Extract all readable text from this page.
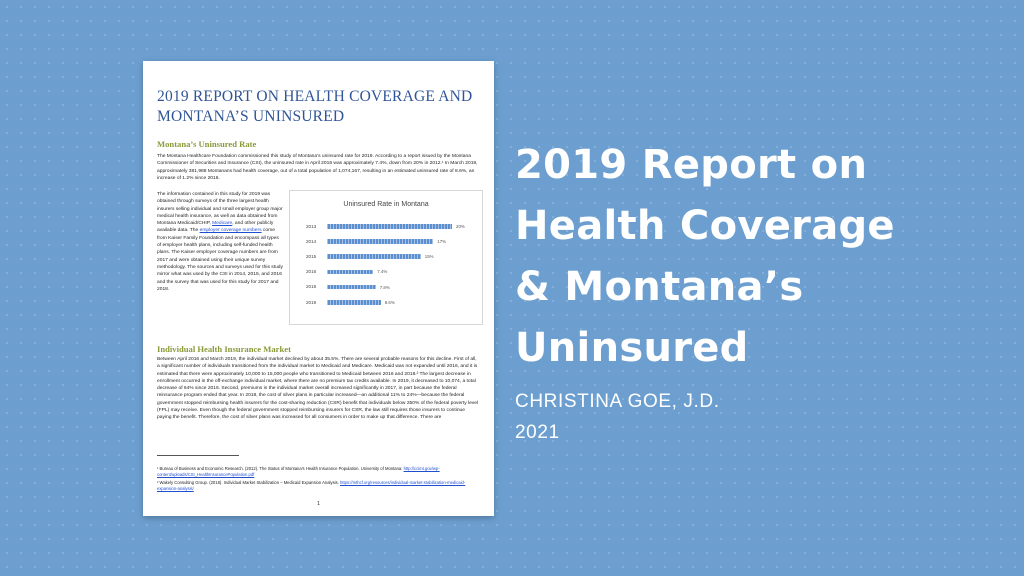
2019 REPORT ON HEALTH COVERAGE AND MONTANA’S UNINSURED
Montana’s Uninsured Rate
The Montana Healthcare Foundation commissioned this study of Montana’s uninsured rate for 2019. According to a report issued by the Montana Commissioner of Securities and Insurance (CSI), the uninsured rate in April 2016 was approximately 7.4%, down from 20% in 2012.¹ In March 2019, approximately 381,988 Montanans had health coverage, out of a total population of 1,074,167, resulting in an estimated uninsured rate of 8.6%, an increase of 1.2% since 2016.
The information contained in this study for 2019 was obtained through surveys of the three largest health insurers selling individual and small employer group major medical health insurance, as well as data obtained from Montana Medicaid/CHIP, Medicare, and other publicly available data. The employer coverage numbers come from Kaiser Family Foundation and encompass all types of employer health plans, including self-funded health plans. The Kaiser employer coverage numbers are from 2017 and were obtained using their unique survey methodology. The sources and surveys used for this study mirror what was used by the CSI in 2014, 2015, and 2016 and the survey that was used for this study for 2017 and 2018.
Uninsured Rate in Montana
2013	20%
2014	17%
2015	15%
2016	7.4%
2018	7.8%
2019	8.6%
Individual Health Insurance Market
Between April 2016 and March 2019, the individual market declined by about 35.5%. There are several probable reasons for this decline. First of all, a significant number of individuals transitioned from the individual market to Medicaid and Medicare. Medicaid was not expanded until 2016, and it is estimated that there were approximately 10,000 to 15,000 people who transitioned to Medicaid between 2016 and 2018.² The largest decrease in enrollment occurred in the off-exchange individual market, where there are no premium tax credits available. In 2019, it decreased to 10,074, a total decrease of 64% since 2016. Second, premiums in the individual market overall increased significantly in 2017, in part because the federal reinsurance program ended that year. In 2018, the cost of silver plans in particular increased—an additional 11% to 24%—because the federal government stopped reimbursing health insurers for the cost-sharing reduction (CSR) benefit that individuals below 250% of the federal poverty level (FPL) may receive. Even though the federal government stopped reimbursing insurers for CSR, the law still requires those insurers to continue paying the benefit. Therefore, the cost of silver plans was increased for all consumers in order to make up that difference. There are
¹ Bureau of Business and Economic Research. (2012). The Status of Montana’s Health Insurance Population. University of Montana: http://ccimt.gov/wp-content/uploads/CSI_HealthInsurancePopulation.pdf
² Wakely Consulting Group. (2018). Individual Market Stabilization – Medicaid Expansion Analysis. https://mthcf.org/resources/individual-market-stabilization-medicaid-expansion-analysis/
1
2019 Report on Health Coverage & Montana’s Uninsured
CHRISTINA GOE, J.D.
2021
